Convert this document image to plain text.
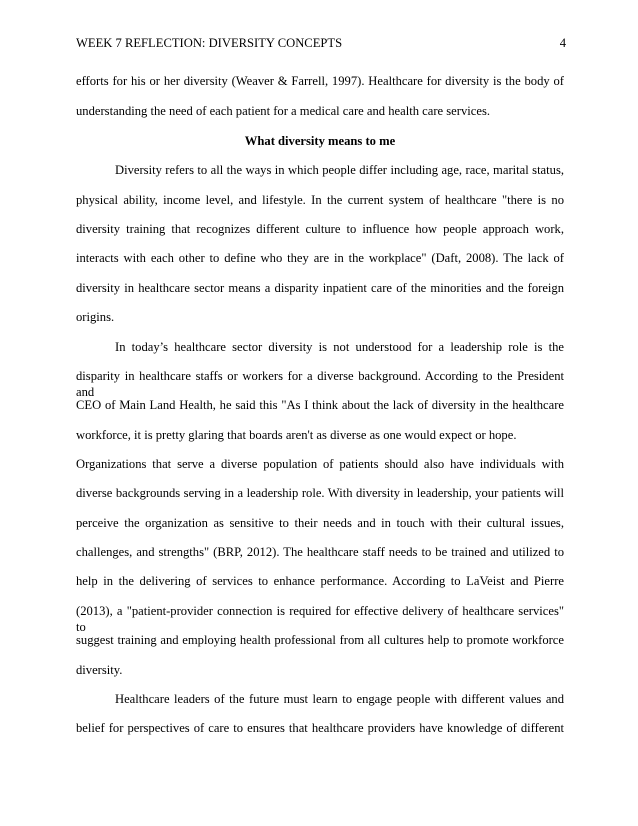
WEEK 7 REFLECTION: DIVERSITY CONCEPTS	4
efforts for his or her diversity (Weaver & Farrell, 1997). Healthcare for diversity is the body of
understanding the need of each patient for a medical care and health care services.
What diversity means to me
Diversity refers to all the ways in which people differ including age, race, marital status,
physical ability, income level, and lifestyle. In the current system of healthcare "there is no
diversity training that recognizes different culture to influence how people approach work,
interacts with each other to define who they are in the workplace" (Daft, 2008). The lack of
diversity in healthcare sector means a disparity inpatient care of the minorities and the foreign
origins.
In today’s healthcare sector diversity is not understood for a leadership role is the
disparity in healthcare staffs or workers for a diverse background. According to the President and
CEO of Main Land Health, he said this "As I think about the lack of diversity in the healthcare
workforce, it is pretty glaring that boards aren't as diverse as one would expect or hope.
Organizations that serve a diverse population of patients should also have individuals with
diverse backgrounds serving in a leadership role. With diversity in leadership, your patients will
perceive the organization as sensitive to their needs and in touch with their cultural issues,
challenges, and strengths" (BRP, 2012). The healthcare staff needs to be trained and utilized to
help in the delivering of services to enhance performance. According to LaVeist and Pierre
(2013), a "patient-provider connection is required for effective delivery of healthcare services" to
suggest training and employing health professional from all cultures help to promote workforce
diversity.
Healthcare leaders of the future must learn to engage people with different values and
belief for perspectives of care to ensures that healthcare providers have knowledge of different
